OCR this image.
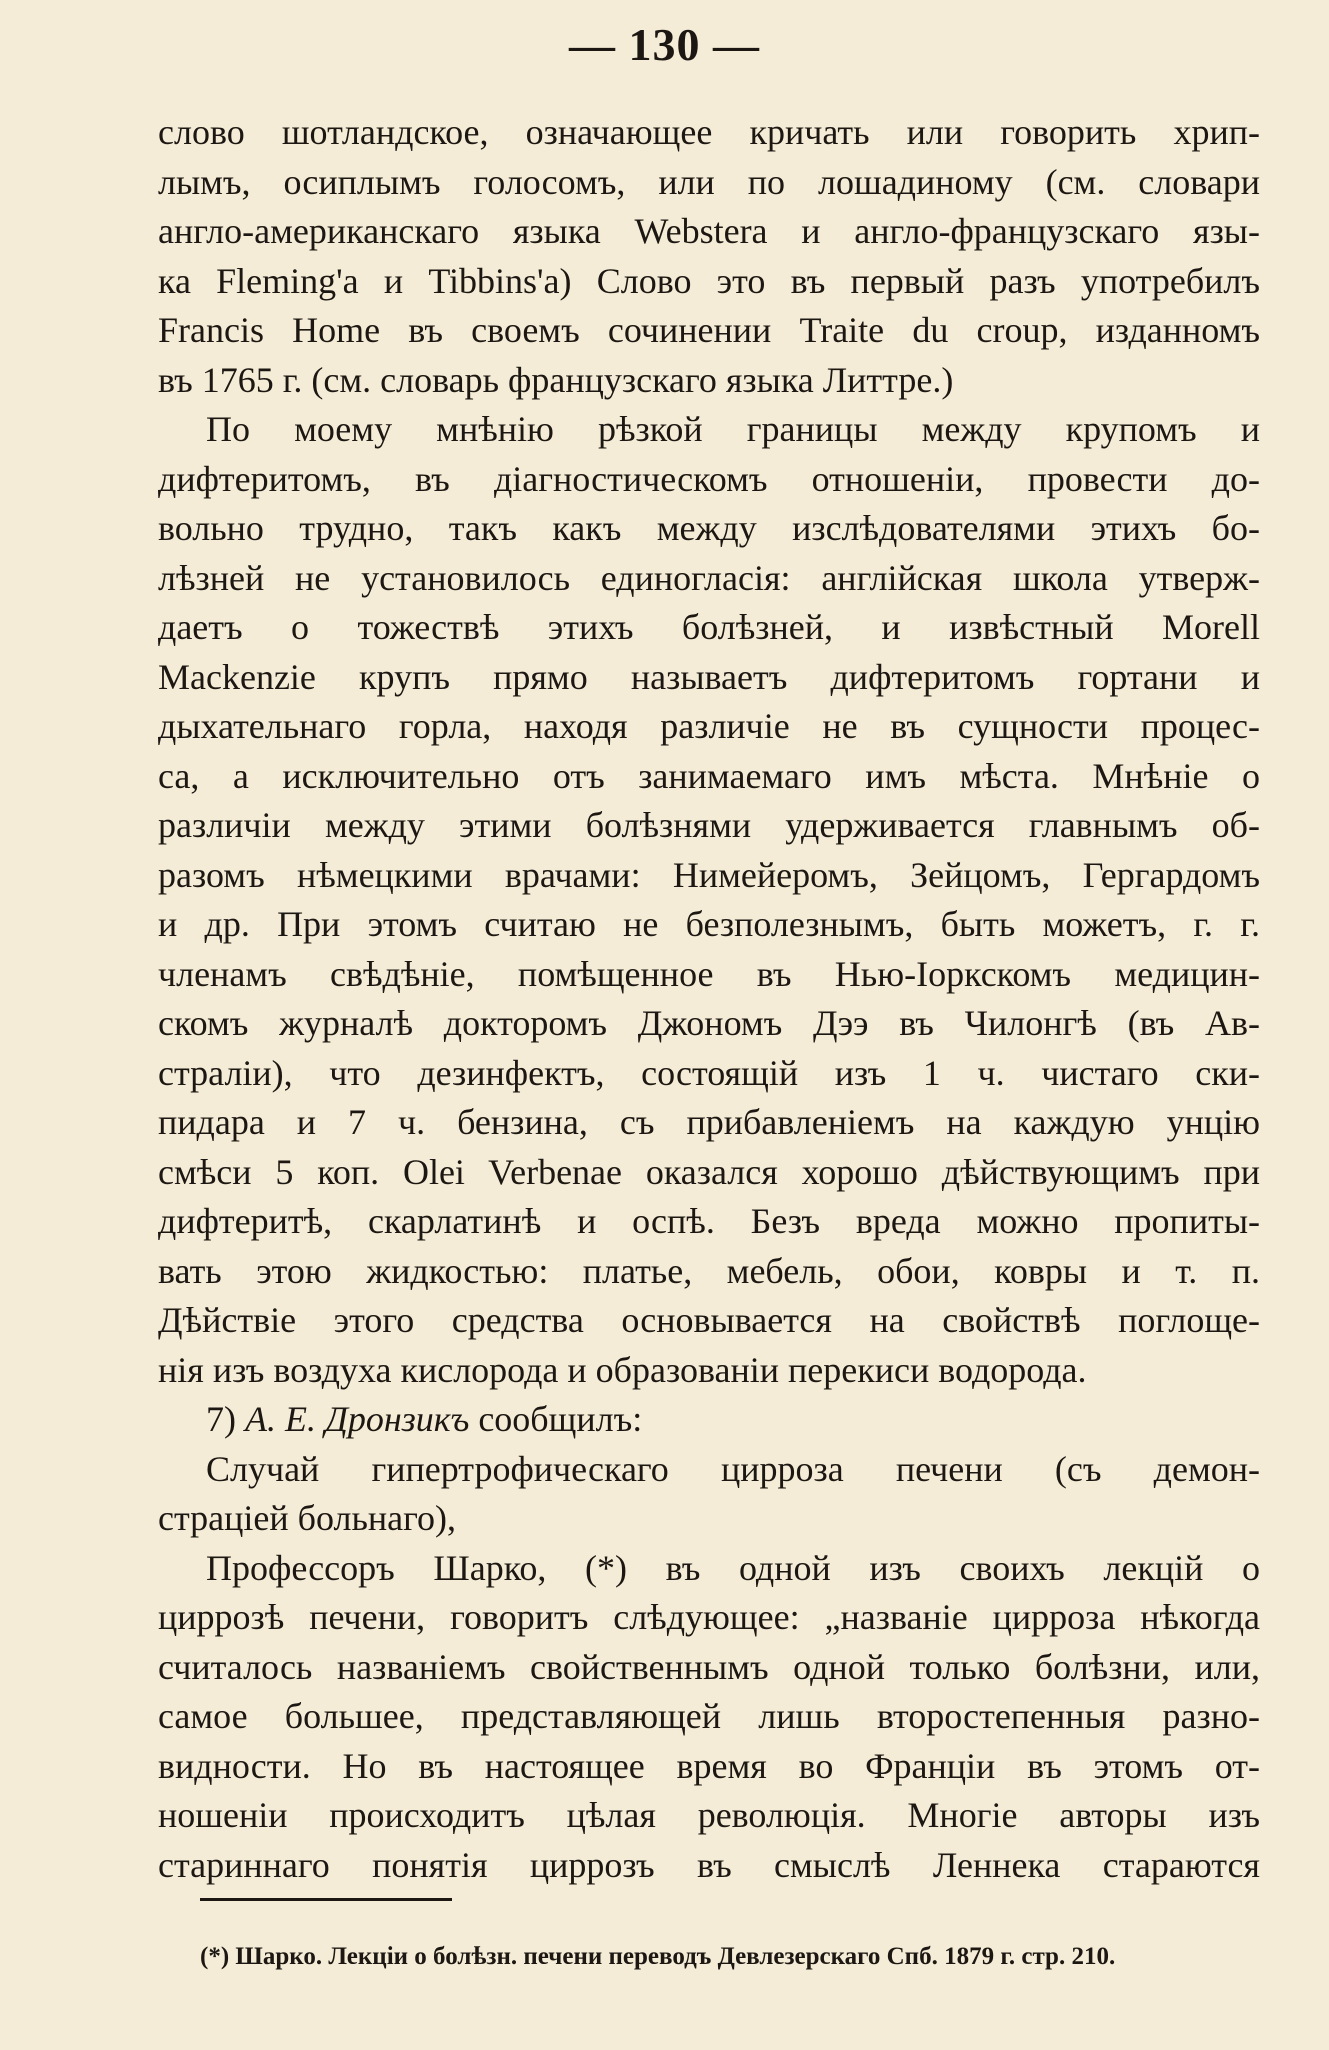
— 130 —
слово шотландское, означающее кричать или говорить хрип-
лымъ, осиплымъ голосомъ, или по лошадиному (см. словари
англо-американскаго языка Webstera и англо-французскаго язы-
ка Fleming'a и Tibbins'a) Слово это въ первый разъ употребилъ
Francis Home въ своемъ сочинении Traite du croup, изданномъ
въ 1765 г. (см. словарь французскаго языка Литтре.)
По моему мнѣнію рѣзкой границы между крупомъ и
дифтеритомъ, въ діагностическомъ отношеніи, провести до-
вольно трудно, такъ какъ между изслѣдователями этихъ бо-
лѣзней не установилось единогласія: англійская школа утверж-
даетъ о тожествѣ этихъ болѣзней, и извѣстный Morell
Mackenzie крупъ прямо называетъ дифтеритомъ гортани и
дыхательнаго горла, находя различіе не въ сущности процес-
са, а исключительно отъ занимаемаго имъ мѣста. Мнѣніе о
различіи между этими болѣзнями удерживается главнымъ об-
разомъ нѣмецкими врачами: Нимейеромъ, Зейцомъ, Гергардомъ
и др. При этомъ считаю не безполезнымъ, быть можетъ, г. г.
членамъ свѣдѣніе, помѣщенное въ Нью-Іоркскомъ медицин-
скомъ журналѣ докторомъ Джономъ Дээ въ Чилонгѣ (въ Ав-
страліи), что дезинфектъ, состоящій изъ 1 ч. чистаго ски-
пидара и 7 ч. бензина, съ прибавленіемъ на каждую унцію
смѣси 5 коп. Olei Verbenae оказался хорошо дѣйствующимъ при
дифтеритѣ, скарлатинѣ и оспѣ. Безъ вреда можно пропиты-
вать этою жидкостью: платье, мебель, обои, ковры и т. п.
Дѣйствіе этого средства основывается на свойствѣ поглоще-
нія изъ воздуха кислорода и образованіи перекиси водорода.
7) А. Е. Дронзикъ сообщилъ:
Случай гипертрофическаго цирроза печени (съ демон-
страціей больнаго),
Профессоръ Шарко, (*) въ одной изъ своихъ лекцій о
циррозѣ печени, говоритъ слѣдующее: „названіе цирроза нѣкогда
считалось названіемъ свойственнымъ одной только болѣзни, или,
самое большее, представляющей лишь второстепенныя разно-
видности. Но въ настоящее время во Франціи въ этомъ от-
ношеніи происходитъ цѣлая революція. Многіе авторы изъ
стариннаго понятія циррозъ въ смыслѣ Леннека стараются
(*) Шарко. Лекціи о болѣзн. печени переводъ Девлезерскаго Спб. 1879 г. стр. 210.
